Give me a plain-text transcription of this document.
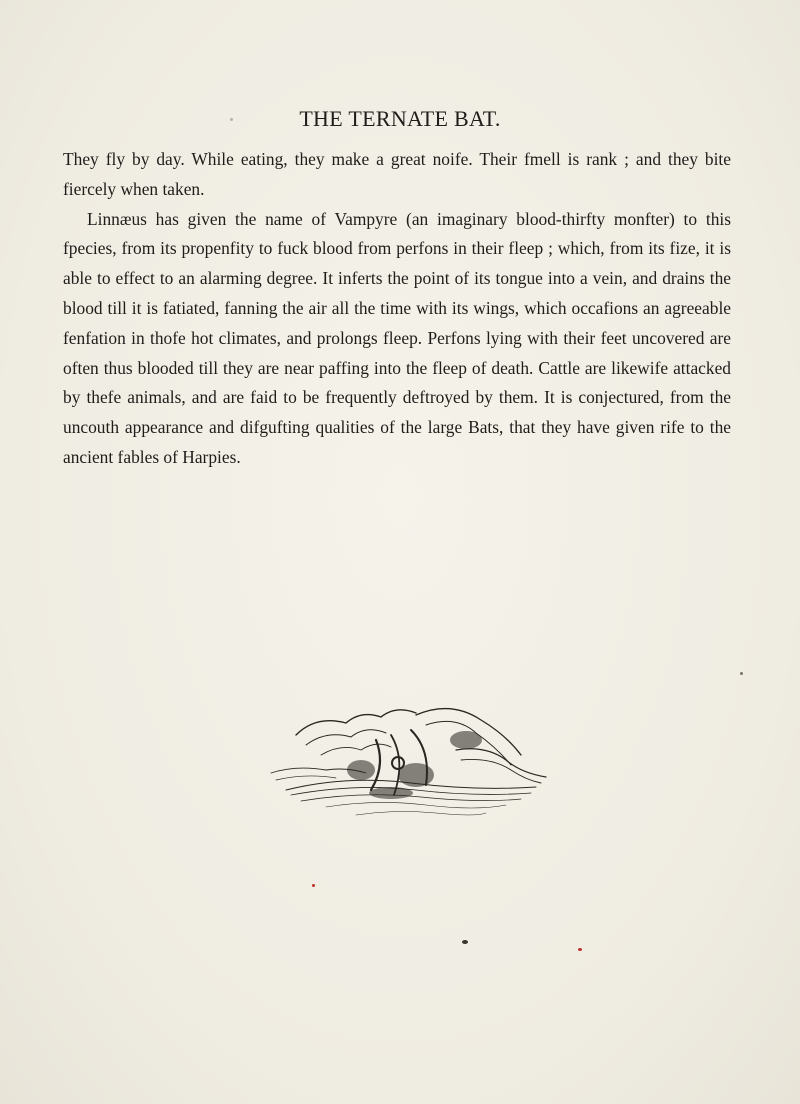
THE TERNATE BAT.

They fly by day. While eating, they make a great noife. Their fmell is rank ; and they bite fiercely when taken.

Linnæus has given the name of Vampyre (an imaginary blood-thirfty monfter) to this fpecies, from its propenfity to fuck blood from perfons in their fleep ; which, from its fize, it is able to effect to an alarming degree. It inferts the point of its tongue into a vein, and drains the blood till it is fatiated, fanning the air all the time with its wings, which occafions an agreeable fenfation in thofe hot climates, and prolongs fleep. Perfons lying with their feet uncovered are often thus blooded till they are near paffing into the fleep of death. Cattle are likewife attacked by thefe animals, and are faid to be frequently deftroyed by them. It is conjectured, from the uncouth appearance and difgufting qualities of the large Bats, that they have given rife to the ancient fables of Harpies.
